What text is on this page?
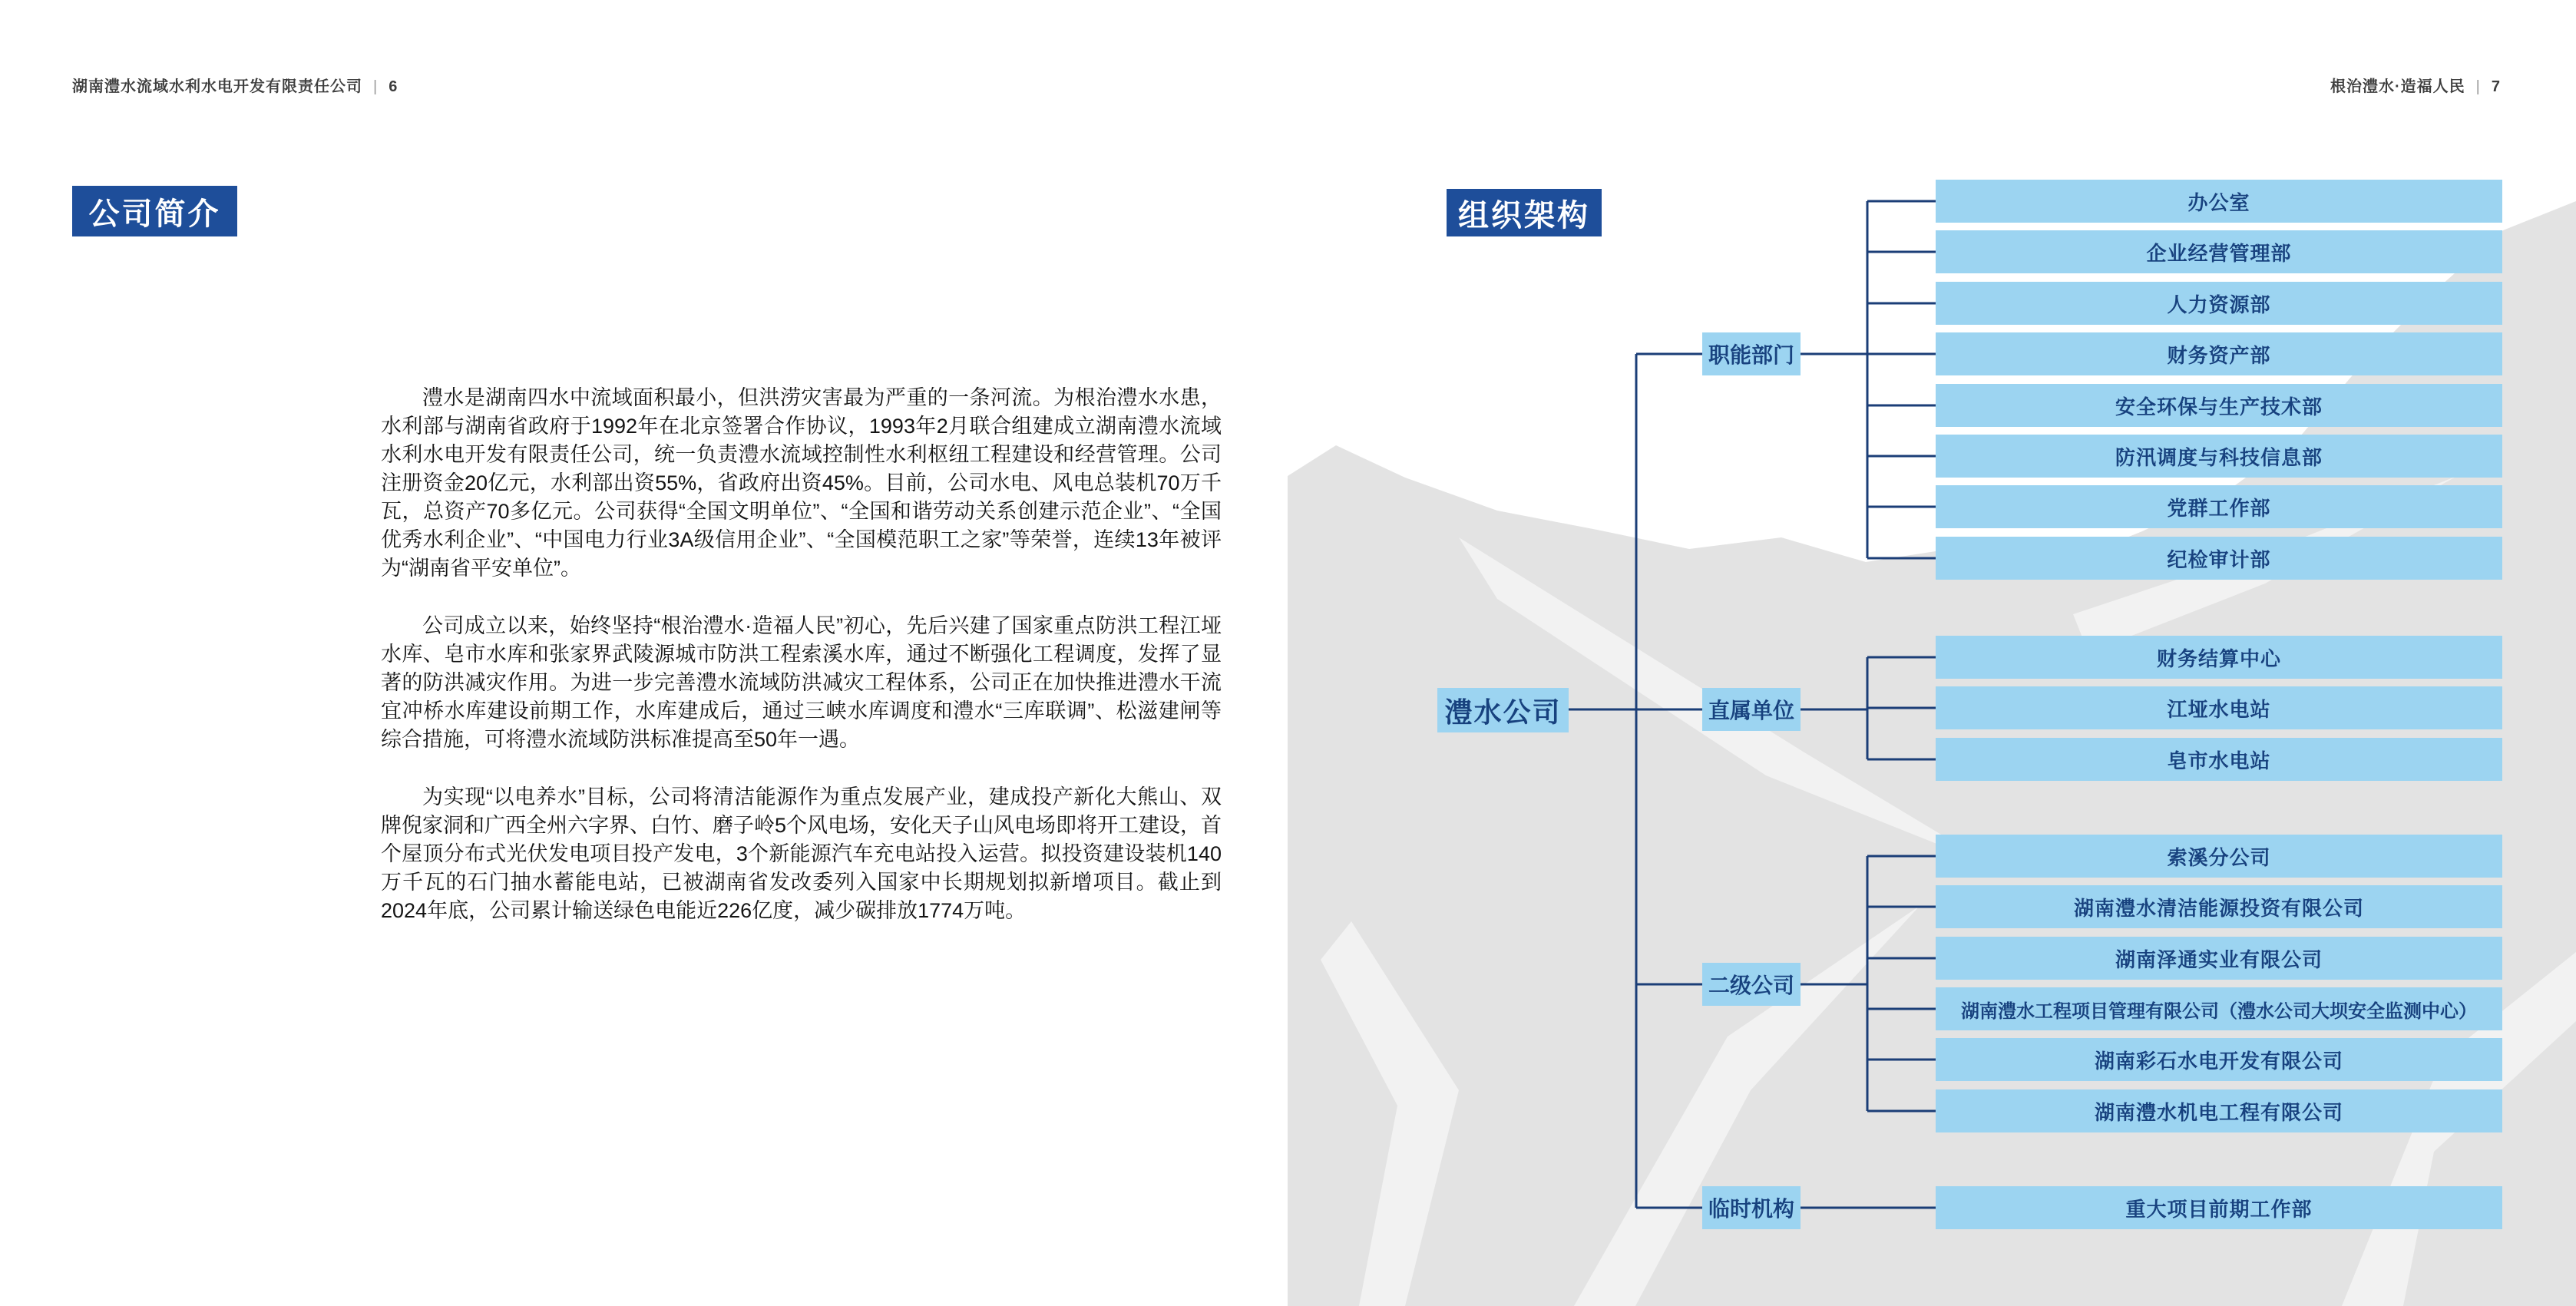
湖南澧水流域水利水电开发有限责任公司 | 6
公司简介

澧水是湖南四水中流域面积最小，但洪涝灾害最为严重的一条河流。为根治澧水水患，水利部与湖南省政府于1992年在北京签署合作协议，1993年2月联合组建成立湖南澧水流域水利水电开发有限责任公司，统一负责澧水流域控制性水利枢纽工程建设和经营管理。公司注册资金20亿元，水利部出资55%，省政府出资45%。目前，公司水电、风电总装机70万千瓦，总资产70多亿元。公司获得“全国文明单位”、“全国和谐劳动关系创建示范企业”、“全国优秀水利企业”、“中国电力行业3A级信用企业”、“全国模范职工之家”等荣誉，连续13年被评为“湖南省平安单位”。

公司成立以来，始终坚持“根治澧水·造福人民”初心，先后兴建了国家重点防洪工程江垭水库、皂市水库和张家界武陵源城市防洪工程索溪水库，通过不断强化工程调度，发挥了显著的防洪减灾作用。为进一步完善澧水流域防洪减灾工程体系，公司正在加快推进澧水干流宜冲桥水库建设前期工作，水库建成后，通过三峡水库调度和澧水“三库联调”、松滋建闸等综合措施，可将澧水流域防洪标准提高至50年一遇。

为实现“以电养水”目标，公司将清洁能源作为重点发展产业，建成投产新化大熊山、双牌倪家洞和广西全州六字界、白竹、磨子岭5个风电场，安化天子山风电场即将开工建设，首个屋顶分布式光伏发电项目投产发电，3个新能源汽车充电站投入运营。拟投资建设装机140万千瓦的石门抽水蓄能电站，已被湖南省发改委列入国家中长期规划拟新增项目。截止到2024年底，公司累计输送绿色电能近226亿度，减少碳排放1774万吨。

根治澧水·造福人民 | 7
组织架构
澧水公司
职能部门
直属单位
二级公司
临时机构
办公室
企业经营管理部
人力资源部
财务资产部
安全环保与生产技术部
防汛调度与科技信息部
党群工作部
纪检审计部
财务结算中心
江垭水电站
皂市水电站
索溪分公司
湖南澧水清洁能源投资有限公司
湖南泽通实业有限公司
湖南澧水工程项目管理有限公司（澧水公司大坝安全监测中心）
湖南彩石水电开发有限公司
湖南澧水机电工程有限公司
重大项目前期工作部
